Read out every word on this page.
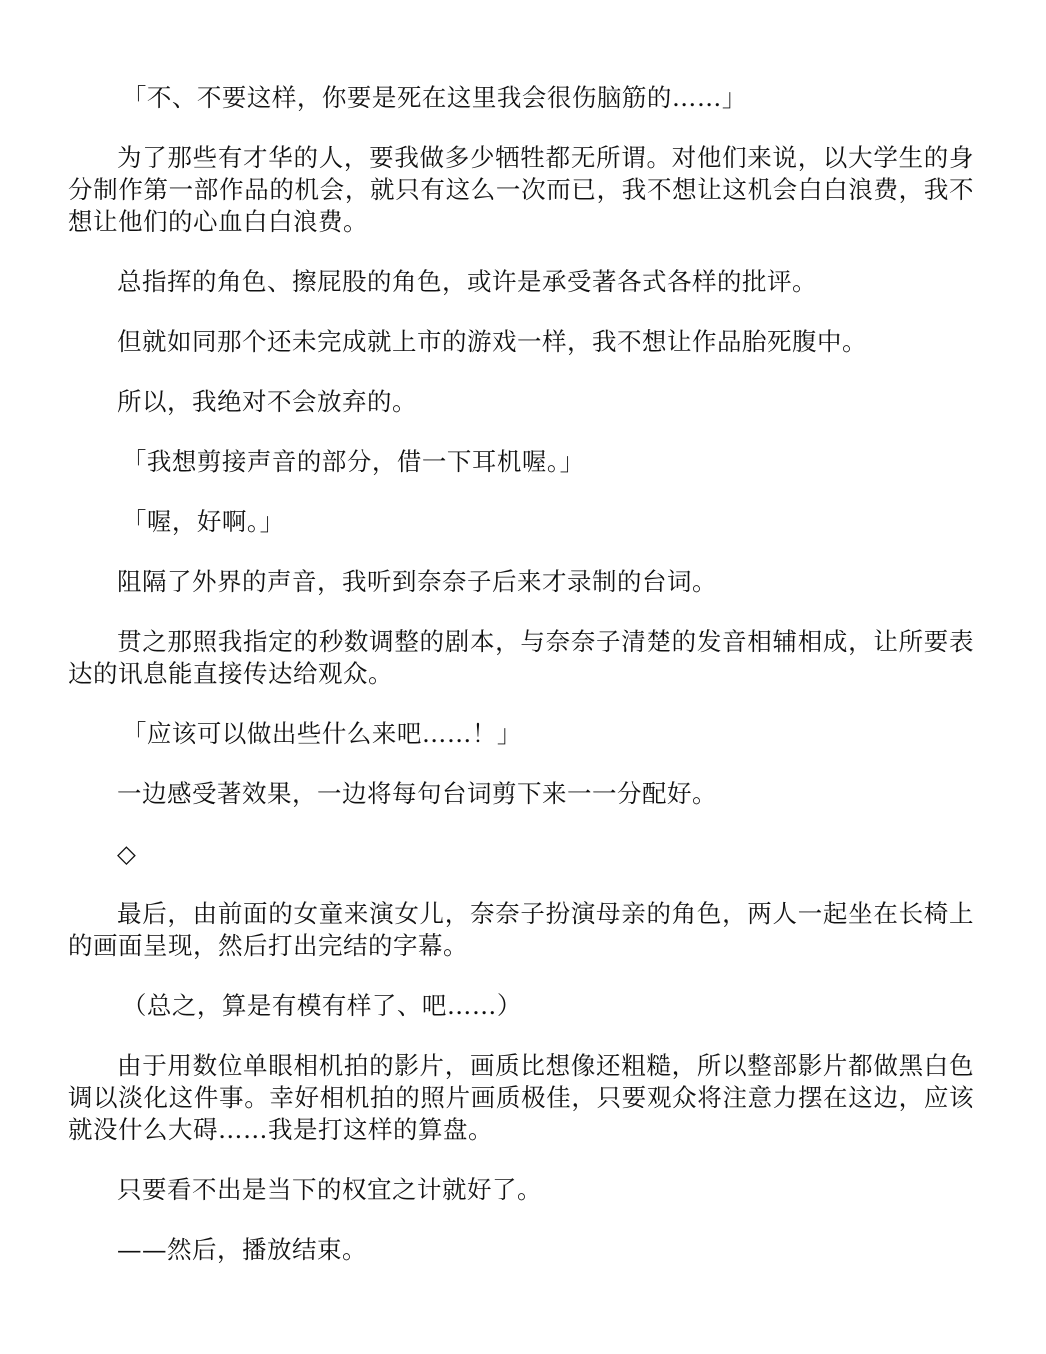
「不、不要这样，你要是死在这里我会很伤脑筋的……」

为了那些有才华的人，要我做多少牺牲都无所谓。对他们来说，以大学生的身分制作第一部作品的机会，就只有这么一次而已，我不想让这机会白白浪费，我不想让他们的心血白白浪费。

总指挥的角色、擦屁股的角色，或许是承受著各式各样的批评。

但就如同那个还未完成就上市的游戏一样，我不想让作品胎死腹中。

所以，我绝对不会放弃的。

「我想剪接声音的部分，借一下耳机喔。」

「喔，好啊。」

阻隔了外界的声音，我听到奈奈子后来才录制的台词。

贯之那照我指定的秒数调整的剧本，与奈奈子清楚的发音相辅相成，让所要表达的讯息能直接传达给观众。

「应该可以做出些什么来吧……！」

一边感受著效果，一边将每句台词剪下来一一分配好。

◇

最后，由前面的女童来演女儿，奈奈子扮演母亲的角色，两人一起坐在长椅上的画面呈现，然后打出完结的字幕。

（总之，算是有模有样了、吧……）

由于用数位单眼相机拍的影片，画质比想像还粗糙，所以整部影片都做黑白色调以淡化这件事。幸好相机拍的照片画质极佳，只要观众将注意力摆在这边，应该就没什么大碍……我是打这样的算盘。

只要看不出是当下的权宜之计就好了。

——然后，播放结束。
